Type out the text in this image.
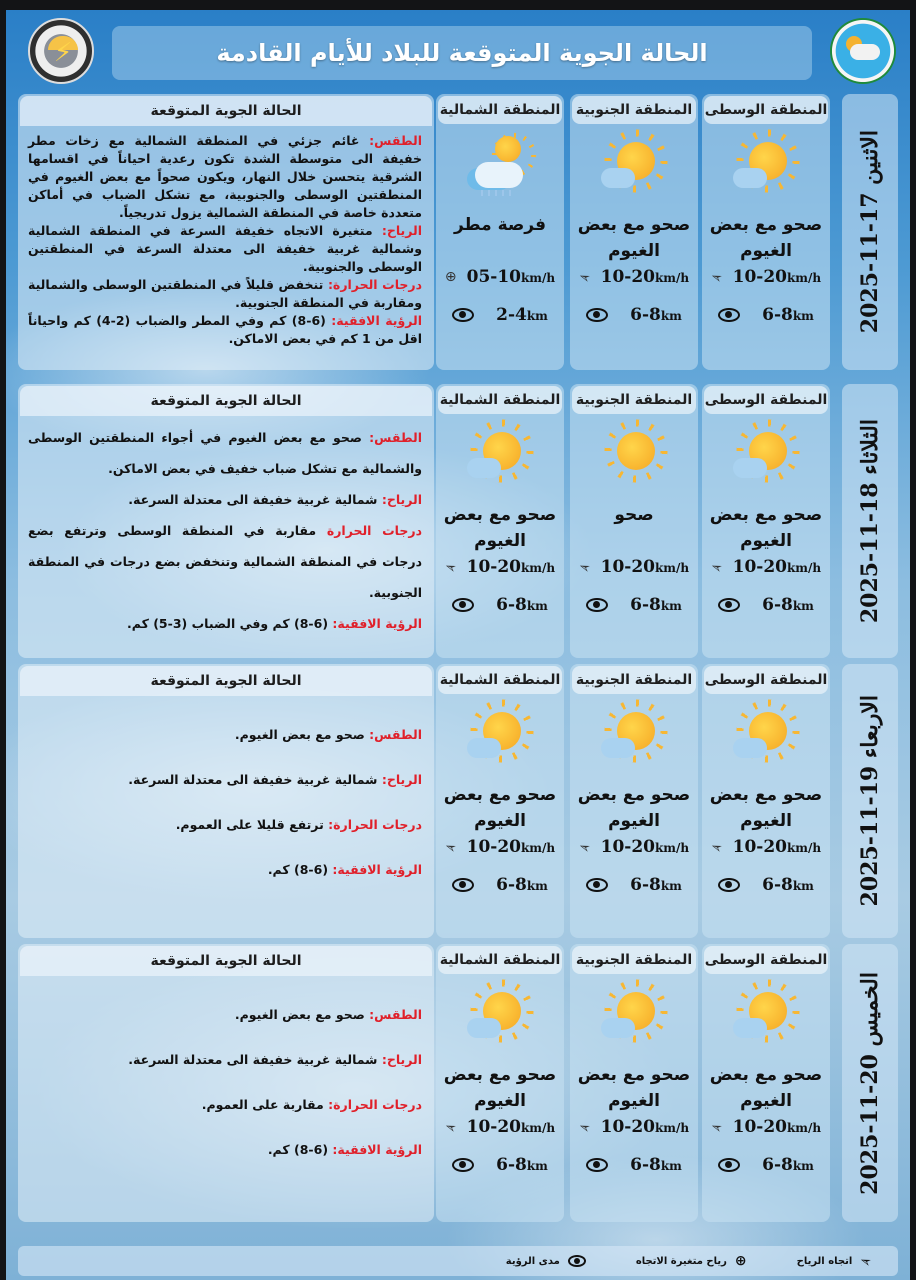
⚡	الحالة الجوية المتوقعة للبلاد للأيام القادمة
الحالة الجوية المتوقعة

الطقس: غائم جزئي في المنطقة الشمالية مع زخات مطر خفيفة الى متوسطة الشدة تكون رعدية احياناً في اقسامها الشرقية يتحسن خلال النهار، ويكون صحواً مع بعض الغيوم في المنطقتين الوسطى والجنوبية، مع تشكل الضباب في أماكن متعددة خاصة في المنطقة الشمالية يزول تدريجياً.

الرياح: متغيرة الاتجاه خفيفة السرعة في المنطقة الشمالية وشمالية غربية خفيفة الى معتدلة السرعة في المنطقتين الوسطى والجنوبية.

درجات الحرارة: تنخفض قليلاً في المنطقتين الوسطى والشمالية ومقاربة في المنطقة الجنوبية.

الرؤية الافقية: (6-8) كم وفي المطر والضباب (2-4) كم واحياناً اقل من 1 كم في بعض الاماكن.

المنطقة الوسطى
صحو مع بعض الغيوم
➢ 10-20km/h
6-8km
المنطقة الجنوبية
صحو مع بعض الغيوم
➢ 10-20km/h
6-8km
المنطقة الشمالية
فرصة مطر
⊕ 05-10km/h
2-4km	2025-11-17 الاثنين
الحالة الجوية المتوقعة

الطقس: صحو مع بعض الغيوم في أجواء المنطقتين الوسطى والشمالية مع تشكل ضباب خفيف في بعض الاماكن.

الرياح: شمالية غربية خفيفة الى معتدلة السرعة.

درجات الحرارة مقاربة في المنطقة الوسطى وترتفع بضع درجات في المنطقة الشمالية وتنخفض بضع درجات في المنطقة الجنوبية.

الرؤية الافقية: (6-8) كم وفي الضباب (3-5) كم.

المنطقة الوسطى
صحو مع بعض الغيوم
➢ 10-20km/h
6-8km
المنطقة الجنوبية
صحو
➢ 10-20km/h
6-8km
المنطقة الشمالية
صحو مع بعض الغيوم
➢ 10-20km/h
6-8km	2025-11-18 الثلاثاء
الحالة الجوية المتوقعة

الطقس: صحو مع بعض الغيوم.

الرياح: شمالية غربية خفيفة الى معتدلة السرعة.

درجات الحرارة: ترتفع قليلا على العموم.

الرؤية الافقية: (6-8) كم.

المنطقة الوسطى
صحو مع بعض الغيوم
➢ 10-20km/h
6-8km
المنطقة الجنوبية
صحو مع بعض الغيوم
➢ 10-20km/h
6-8km
المنطقة الشمالية
صحو مع بعض الغيوم
➢ 10-20km/h
6-8km	2025-11-19 الاربعاء
الحالة الجوية المتوقعة

الطقس: صحو مع بعض الغيوم.

الرياح: شمالية غربية خفيفة الى معتدلة السرعة.

درجات الحرارة: مقاربة على العموم.

الرؤية الافقية: (6-8) كم.

المنطقة الوسطى
صحو مع بعض الغيوم
➢ 10-20km/h
6-8km
المنطقة الجنوبية
صحو مع بعض الغيوم
➢ 10-20km/h
6-8km
المنطقة الشمالية
صحو مع بعض الغيوم
➢ 10-20km/h
6-8km	2025-11-20 الخميس
اتجاه الرياح ➢
رياح متغيرة الاتجاه ⊕
مدى الرؤية
